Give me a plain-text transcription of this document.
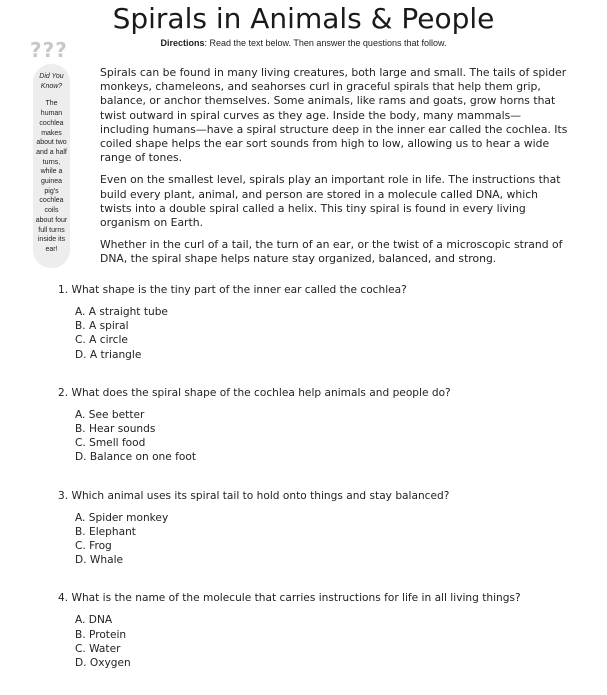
Spirals in Animals & People
Directions: Read the text below. Then answer the questions that follow.
???
Did You
Know?
The
human
cochlea
makes
about two
and a half
turns,
while a
guinea
pig's
cochlea
coils
about four
full turns
inside its
ear!

Spirals can be found in many living creatures, both large and small. The tails of spider monkeys, chameleons, and seahorses curl in graceful spirals that help them grip, balance, or anchor themselves. Some animals, like rams and goats, grow horns that twist outward in spiral curves as they age. Inside the body, many mammals—including humans—have a spiral structure deep in the inner ear called the cochlea. Its coiled shape helps the ear sort sounds from high to low, allowing us to hear a wide range of tones.

Even on the smallest level, spirals play an important role in life. The instructions that build every plant, animal, and person are stored in a molecule called DNA, which twists into a double spiral called a helix. This tiny spiral is found in every living organism on Earth.

Whether in the curl of a tail, the turn of an ear, or the twist of a microscopic strand of DNA, the spiral shape helps nature stay organized, balanced, and strong.

1. What shape is the tiny part of the inner ear called the cochlea?
A. A straight tube
B. A spiral
C. A circle
D. A triangle
2. What does the spiral shape of the cochlea help animals and people do?
A. See better
B. Hear sounds
C. Smell food
D. Balance on one foot
3. Which animal uses its spiral tail to hold onto things and stay balanced?
A. Spider monkey
B. Elephant
C. Frog
D. Whale
4. What is the name of the molecule that carries instructions for life in all living things?
A. DNA
B. Protein
C. Water
D. Oxygen
